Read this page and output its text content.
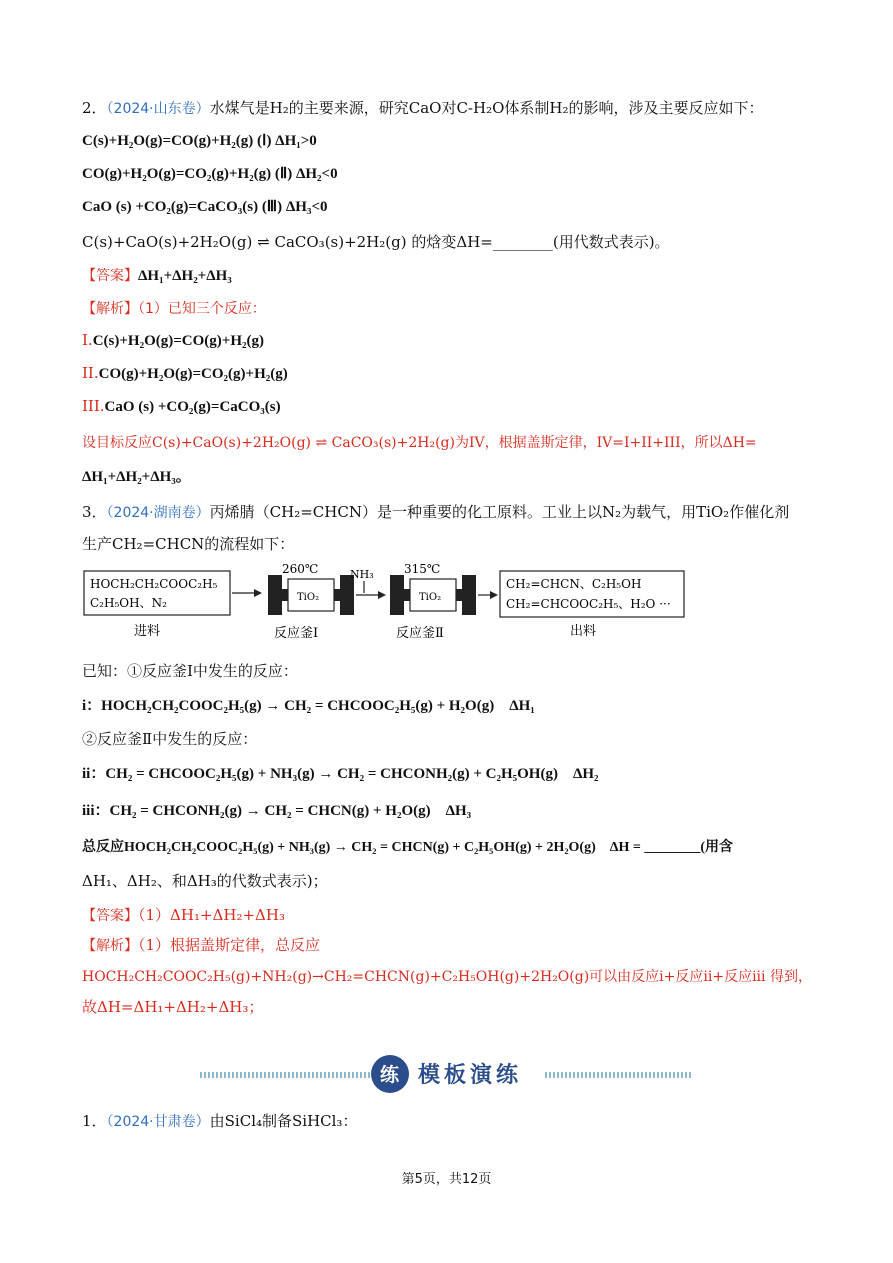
2．（2024·山东卷）水煤气是H₂的主要来源，研究CaO对C-H₂O体系制H₂的影响，涉及主要反应如下：
C(s)+H₂O(g)=CO(g)+H₂(g) (Ⅰ) ΔH₁>0
CO(g)+H₂O(g)=CO₂(g)+H₂(g) (Ⅱ) ΔH₂<0
CaO (s) +CO₂(g)=CaCO₃(s) (Ⅲ) ΔH₃<0
C(s)+CaO(s)+2H₂O(g) ⇌ CaCO₃(s)+2H₂(g) 的焓变ΔH=________(用代数式表示)。
【答案】ΔH₁+ΔH₂+ΔH₃
【解析】（1）已知三个反应：
I.C(s)+H₂O(g)=CO(g)+H₂(g)
II.CO(g)+H₂O(g)=CO₂(g)+H₂(g)
III.CaO (s) +CO₂(g)=CaCO₃(s)
设目标反应C(s)+CaO(s)+2H₂O(g) ⇌ CaCO₃(s)+2H₂(g)为IV，根据盖斯定律，IV=I+II+III，所以ΔH=
ΔH₁+ΔH₂+ΔH₃。
3．（2024·湖南卷）丙烯腈（CH₂=CHCN）是一种重要的化工原料。工业上以N₂为载气，用TiO₂作催化剂
生产CH₂=CHCN的流程如下：
HOCH₂CH₂COOC₂H₅
C₂H₅OH、N₂
进料
TiO₂
260℃
反应釜Ⅰ
NH₃
TiO₂
315℃
反应釜Ⅱ
CH₂=CHCN、C₂H₅OH
CH₂=CHCOOC₂H₅、H₂O ···
出料
已知：①反应釜Ⅰ中发生的反应：
i：HOCH₂CH₂COOC₂H₅(g) → CH₂ = CHCOOC₂H₅(g) + H₂O(g)　ΔH₁
②反应釜Ⅱ中发生的反应：
ii：CH₂ = CHCOOC₂H₅(g) + NH₃(g) → CH₂ = CHCONH₂(g) + C₂H₅OH(g)　ΔH₂
iii：CH₂ = CHCONH₂(g) → CH₂ = CHCN(g) + H₂O(g)　ΔH₃
总反应HOCH₂CH₂COOC₂H₅(g) + NH₃(g) → CH₂ = CHCN(g) + C₂H₅OH(g) + 2H₂O(g)　ΔH = ________(用含
ΔH₁、ΔH₂、和ΔH₃的代数式表示)；
【答案】（1）ΔH₁+ΔH₂+ΔH₃
【解析】（1）根据盖斯定律，总反应
HOCH₂CH₂COOC₂H₅(g)+NH₂(g)→CH₂=CHCN(g)+C₂H₅OH(g)+2H₂O(g)可以由反应i+反应ii+反应iii 得到，
故ΔH=ΔH₁+ΔH₂+ΔH₃；
练 模板演练
1．（2024·甘肃卷）由SiCl₄制备SiHCl₃：
第5页，共12页
